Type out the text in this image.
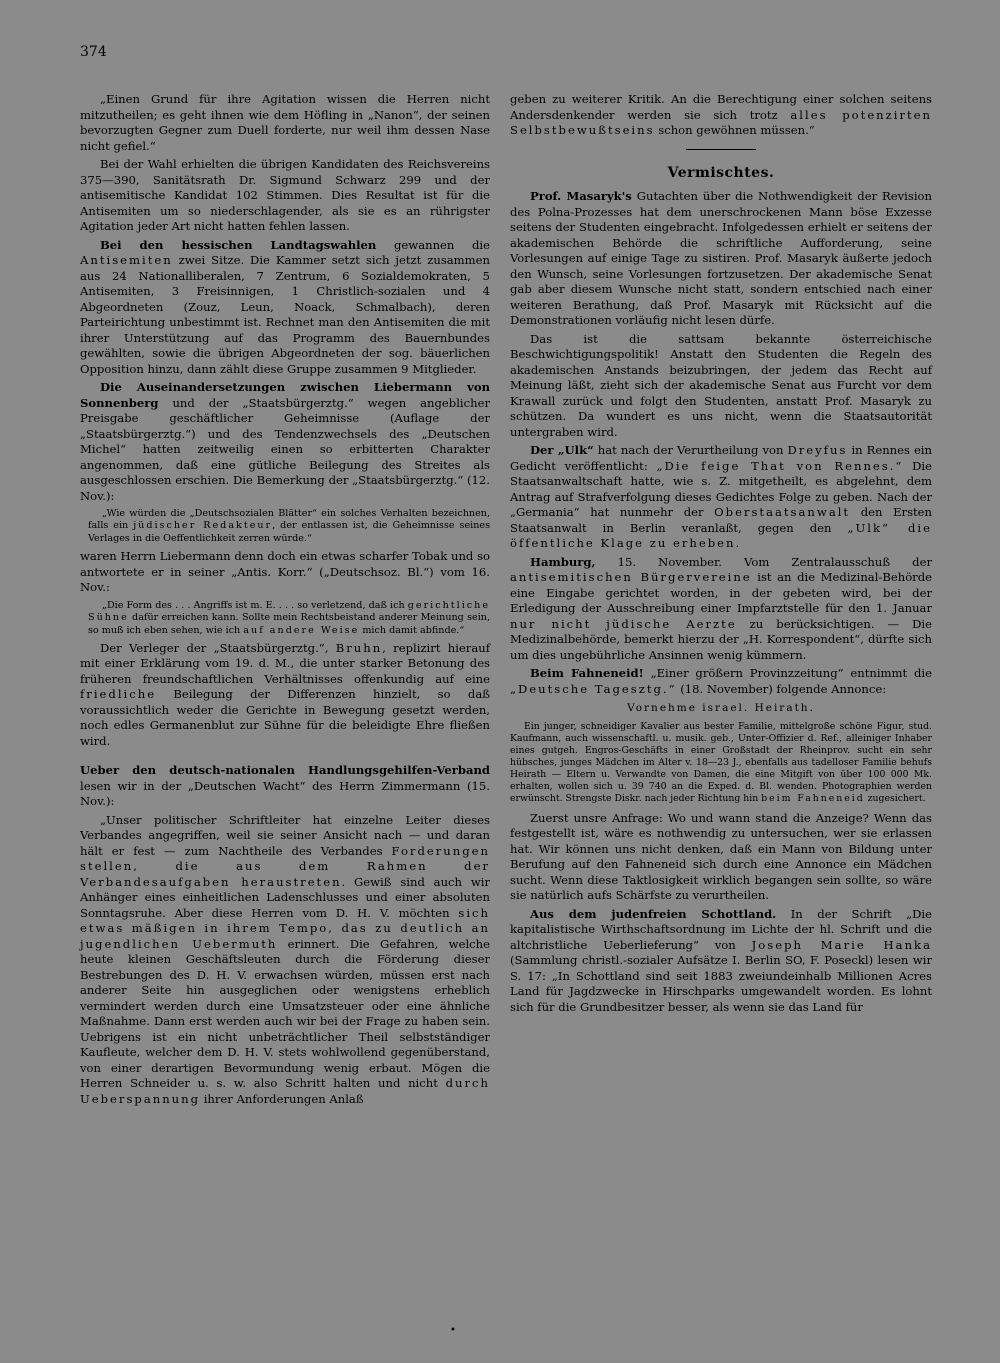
374

„Einen Grund für ihre Agitation wissen die Herren nicht mitzutheilen; es geht ihnen wie dem Höfling in „Nanon“, der seinen bevorzugten Gegner zum Duell forderte, nur weil ihm dessen Nase nicht gefiel.“

Bei der Wahl erhielten die übrigen Kandidaten des Reichsvereins 375—390, Sanitätsrath Dr. Sigmund Schwarz 299 und der antisemitische Kandidat 102 Stimmen. Dies Resultat ist für die Antisemiten um so niederschlagender, als sie es an rührigster Agitation jeder Art nicht hatten fehlen lassen.

Bei den hessischen Landtagswahlen gewannen die Antisemiten zwei Sitze. Die Kammer setzt sich jetzt zusammen aus 24 Nationalliberalen, 7 Zentrum, 6 Sozialdemokraten, 5 Antisemiten, 3 Freisinnigen, 1 Christlich-sozialen und 4 Abgeordneten (Zouz, Leun, Noack, Schmalbach), deren Parteirichtung unbestimmt ist. Rechnet man den Antisemiten die mit ihrer Unterstützung auf das Programm des Bauernbundes gewählten, sowie die übrigen Abgeordneten der sog. bäuerlichen Opposition hinzu, dann zählt diese Gruppe zusammen 9 Mitglieder.

Die Auseinandersetzungen zwischen Liebermann von Sonnenberg und der „Staatsbürgerztg.“ wegen angeblicher Preisgabe geschäftlicher Geheimnisse (Auflage der „Staatsbürgerztg.“) und des Tendenzwechsels des „Deutschen Michel“ hatten zeitweilig einen so erbitterten Charakter angenommen, daß eine gütliche Beilegung des Streites als ausgeschlossen erschien. Die Bemerkung der „Staatsbürgerztg.“ (12. Nov.):

„Wie würden die „Deutschsozialen Blätter“ ein solches Verhalten bezeichnen, falls ein jüdischer Redakteur, der entlassen ist, die Geheimnisse seines Verlages in die Oeffentlichkeit zerren würde.“

waren Herrn Liebermann denn doch ein etwas scharfer Tobak und so antwortete er in seiner „Antis. Korr.“ („Deutschsoz. Bl.“) vom 16. Nov.:

„Die Form des . . . Angriffs ist m. E. . . . so verletzend, daß ich gerichtliche Sühne dafür erreichen kann. Sollte mein Rechtsbeistand anderer Meinung sein, so muß ich eben sehen, wie ich auf andere Weise mich damit abfinde.“

Der Verleger der „Staatsbürgerztg.“, Bruhn, replizirt hierauf mit einer Erklärung vom 19. d. M., die unter starker Betonung des früheren freundschaftlichen Verhältnisses offenkundig auf eine friedliche Beilegung der Differenzen hinzielt, so daß voraussichtlich weder die Gerichte in Bewegung gesetzt werden, noch edles Germanenblut zur Sühne für die beleidigte Ehre fließen wird.

Ueber den deutsch-nationalen Handlungsgehilfen-Verband lesen wir in der „Deutschen Wacht“ des Herrn Zimmermann (15. Nov.):

„Unser politischer Schriftleiter hat einzelne Leiter dieses Verbandes angegriffen, weil sie seiner Ansicht nach — und daran hält er fest — zum Nachtheile des Verbandes Forderungen stellen, die aus dem Rahmen der Verbandesaufgaben heraustreten. Gewiß sind auch wir Anhänger eines einheitlichen Ladenschlusses und einer absoluten Sonntagsruhe. Aber diese Herren vom D. H. V. möchten sich etwas mäßigen in ihrem Tempo, das zu deutlich an jugendlichen Uebermuth erinnert. Die Gefahren, welche heute kleinen Geschäftsleuten durch die Förderung dieser Bestrebungen des D. H. V. erwachsen würden, müssen erst nach anderer Seite hin ausgeglichen oder wenigstens erheblich vermindert werden durch eine Umsatzsteuer oder eine ähnliche Maßnahme. Dann erst werden auch wir bei der Frage zu haben sein. Uebrigens ist ein nicht unbeträchtlicher Theil selbstständiger Kaufleute, welcher dem D. H. V. stets wohlwollend gegenüberstand, von einer derartigen Bevormundung wenig erbaut. Mögen die Herren Schneider u. s. w. also Schritt halten und nicht durch Ueberspannung ihrer Anforderungen Anlaß

geben zu weiterer Kritik. An die Berechtigung einer solchen seitens Andersdenkender werden sie sich trotz alles potenzirten Selbstbewußtseins schon gewöhnen müssen.“

Vermischtes.

Prof. Masaryk's Gutachten über die Nothwendigkeit der Revision des Polna-Prozesses hat dem unerschrockenen Mann böse Exzesse seitens der Studenten eingebracht. Infolgedessen erhielt er seitens der akademischen Behörde die schriftliche Aufforderung, seine Vorlesungen auf einige Tage zu sistiren. Prof. Masaryk äußerte jedoch den Wunsch, seine Vorlesungen fortzusetzen. Der akademische Senat gab aber diesem Wunsche nicht statt, sondern entschied nach einer weiteren Berathung, daß Prof. Masaryk mit Rücksicht auf die Demonstrationen vorläufig nicht lesen dürfe.

Das ist die sattsam bekannte österreichische Beschwichtigungspolitik! Anstatt den Studenten die Regeln des akademischen Anstands beizubringen, der jedem das Recht auf Meinung läßt, zieht sich der akademische Senat aus Furcht vor dem Krawall zurück und folgt den Studenten, anstatt Prof. Masaryk zu schützen. Da wundert es uns nicht, wenn die Staatsautorität untergraben wird.

Der „Ulk“ hat nach der Verurtheilung von Dreyfus in Rennes ein Gedicht veröffentlicht: „Die feige That von Rennes.“ Die Staatsanwaltschaft hatte, wie s. Z. mitgetheilt, es abgelehnt, dem Antrag auf Strafverfolgung dieses Gedichtes Folge zu geben. Nach der „Germania“ hat nunmehr der Oberstaatsanwalt den Ersten Staatsanwalt in Berlin veranlaßt, gegen den „Ulk“ die öffentliche Klage zu erheben.

Hamburg, 15. November. Vom Zentralausschuß der antisemitischen Bürgervereine ist an die Medizinal-Behörde eine Eingabe gerichtet worden, in der gebeten wird, bei der Erledigung der Ausschreibung einer Impfarztstelle für den 1. Januar nur nicht jüdische Aerzte zu berücksichtigen. — Die Medizinalbehörde, bemerkt hierzu der „H. Korrespondent“, dürfte sich um dies ungebührliche Ansinnen wenig kümmern.

Beim Fahneneid! „Einer größern Provinzzeitung“ entnimmt die „Deutsche Tagesztg.“ (18. November) folgende Annonce:

Vornehme israel. Heirath.
Ein junger, schneidiger Kavalier aus bester Familie, mittelgroße schöne Figur, stud. Kaufmann, auch wissenschaftl. u. musik. geb., Unter-Offizier d. Ref., alleiniger Inhaber eines gutgeh. Engros-Geschäfts in einer Großstadt der Rheinprov. sucht ein sehr hübsches, junges Mädchen im Alter v. 18—23 J., ebenfalls aus tadelloser Familie behufs Heirath — Eltern u. Verwandte von Damen, die eine Mitgift von über 100 000 Mk. erhalten, wollen sich u. 39 740 an die Exped. d. Bl. wenden. Photographien werden erwünscht. Strengste Diskr. nach jeder Richtung hin beim Fahneneid zugesichert.

Zuerst unsre Anfrage: Wo und wann stand die Anzeige? Wenn das festgestellt ist, wäre es nothwendig zu untersuchen, wer sie erlassen hat. Wir können uns nicht denken, daß ein Mann von Bildung unter Berufung auf den Fahneneid sich durch eine Annonce ein Mädchen sucht. Wenn diese Taktlosigkeit wirklich begangen sein sollte, so wäre sie natürlich aufs Schärfste zu verurtheilen.

Aus dem judenfreien Schottland. In der Schrift „Die kapitalistische Wirthschaftsordnung im Lichte der hl. Schrift und die altchristliche Ueberlieferung“ von Joseph Marie Hanka (Sammlung christl.-sozialer Aufsätze I. Berlin SO, F. Poseckl) lesen wir S. 17: „In Schottland sind seit 1883 zweiundeinhalb Millionen Acres Land für Jagdzwecke in Hirschparks umgewandelt worden. Es lohnt sich für die Grundbesitzer besser, als wenn sie das Land für

•
